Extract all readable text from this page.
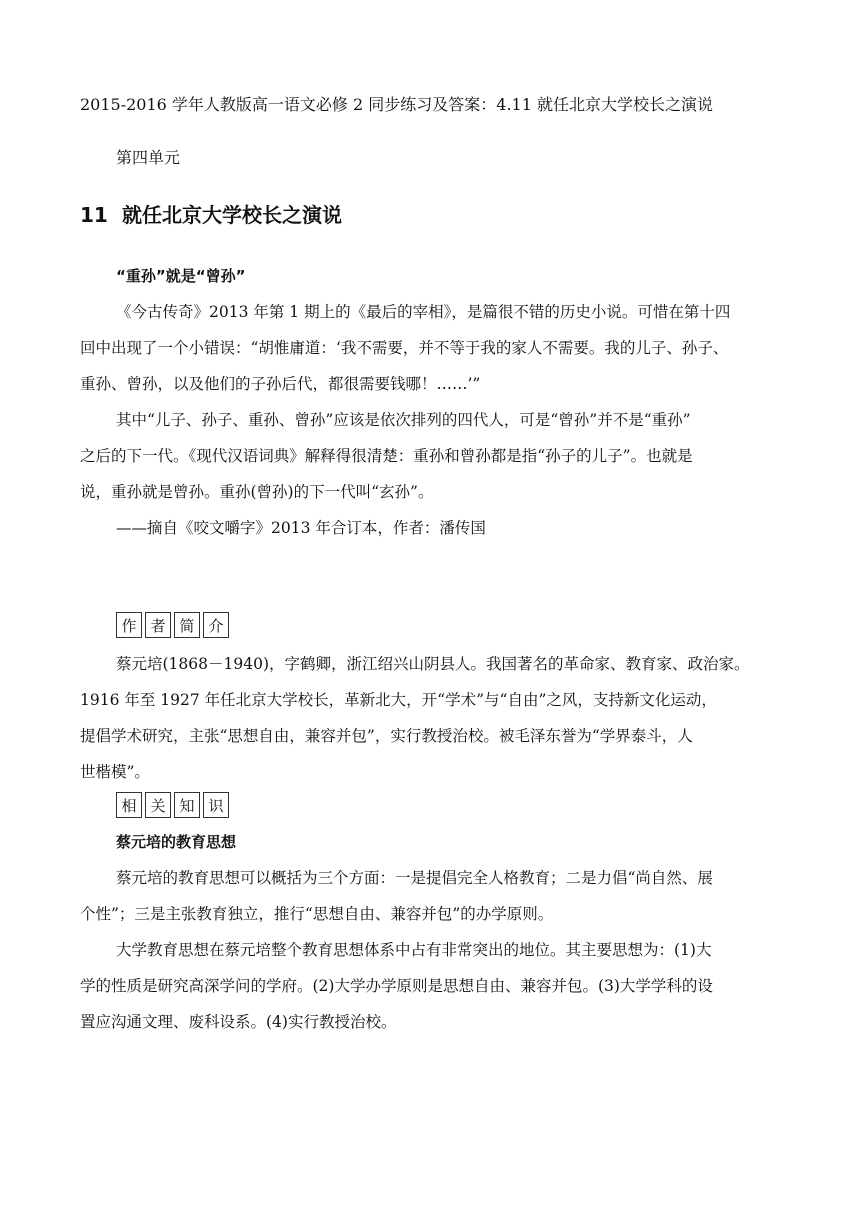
2015-2016 学年人教版高一语文必修 2 同步练习及答案：4.11 就任北京大学校长之演说
第四单元
11 就任北京大学校长之演说
“重孙”就是“曾孙”
《今古传奇》2013 年第 1 期上的《最后的宰相》，是篇很不错的历史小说。可惜在第十四
回中出现了一个小错误：“胡惟庸道：‘我不需要，并不等于我的家人不需要。我的儿子、孙子、
重孙、曾孙，以及他们的子孙后代，都很需要钱哪！……’”
其中“儿子、孙子、重孙、曾孙”应该是依次排列的四代人，可是“曾孙”并不是“重孙”
之后的下一代。《现代汉语词典》解释得很清楚：重孙和曾孙都是指“孙子的儿子”。也就是
说，重孙就是曾孙。重孙(曾孙)的下一代叫“玄孙”。
——摘自《咬文嚼字》2013 年合订本，作者：潘传国
作 者 简 介
蔡元培(1868－1940)，字鹤卿，浙江绍兴山阴县人。我国著名的革命家、教育家、政治家。
1916 年至 1927 年任北京大学校长，革新北大，开“学术”与“自由”之风，支持新文化运动，
提倡学术研究，主张“思想自由，兼容并包”，实行教授治校。被毛泽东誉为“学界泰斗，人
世楷模”。
相 关 知 识
蔡元培的教育思想
蔡元培的教育思想可以概括为三个方面：一是提倡完全人格教育；二是力倡“尚自然、展
个性”；三是主张教育独立，推行“思想自由、兼容并包”的办学原则。
大学教育思想在蔡元培整个教育思想体系中占有非常突出的地位。其主要思想为：(1)大
学的性质是研究高深学问的学府。(2)大学办学原则是思想自由、兼容并包。(3)大学学科的设
置应沟通文理、废科设系。(4)实行教授治校。
